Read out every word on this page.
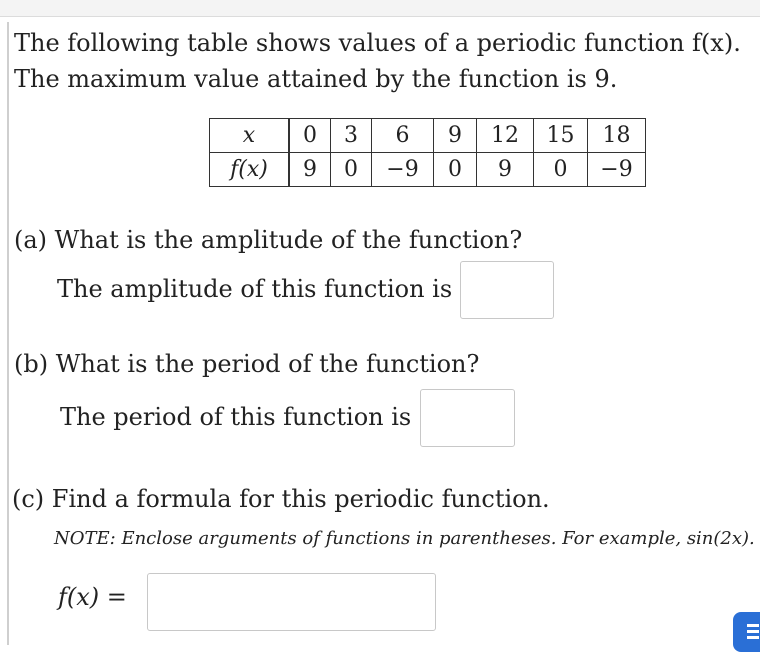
The following table shows values of a periodic function f(x).
The maximum value attained by the function is 9.
x	0	3	6	9	12	15	18
f(x)	9	0	−9	0	9	0	−9
(a) What is the amplitude of the function?
The amplitude of this function is
(b) What is the period of the function?
The period of this function is
(c) Find a formula for this periodic function.
NOTE: Enclose arguments of functions in parentheses. For example, sin(2x).
f(x) =
